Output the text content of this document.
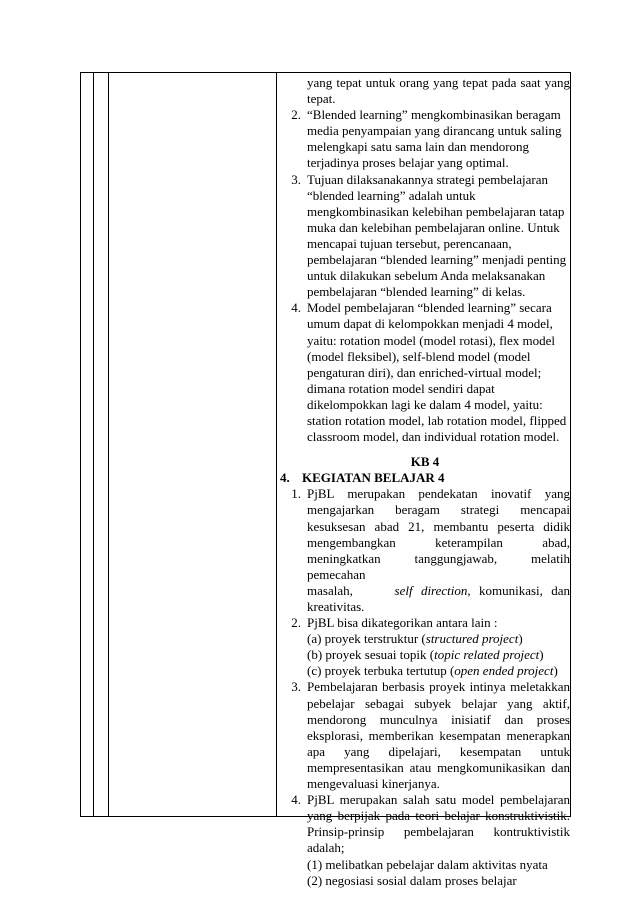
yang tepat untuk orang yang tepat pada saat yang
tepat.
2. “Blended learning” mengkombinasikan beragam
media penyampaian yang dirancang untuk saling
melengkapi satu sama lain dan mendorong
terjadinya proses belajar yang optimal.
3. Tujuan dilaksanakannya strategi pembelajaran
“blended learning” adalah untuk
mengkombinasikan kelebihan pembelajaran tatap
muka dan kelebihan pembelajaran online. Untuk
mencapai tujuan tersebut, perencanaan,
pembelajaran “blended learning” menjadi penting
untuk dilakukan sebelum Anda melaksanakan
pembelajaran “blended learning” di kelas.
4. Model pembelajaran “blended learning” secara
umum dapat di kelompokkan menjadi 4 model,
yaitu: rotation model (model rotasi), flex model
(model fleksibel), self-blend model (model
pengaturan diri), dan enriched-virtual model;
dimana rotation model sendiri dapat
dikelompokkan lagi ke dalam 4 model, yaitu:
station rotation model, lab rotation model, flipped
classroom model, dan individual rotation model.
KB 4
4. KEGIATAN BELAJAR 4
1. PjBL merupakan pendekatan inovatif yang
mengajarkan beragam strategi mencapai
kesuksesan abad 21, membantu peserta didik
mengembangkan keterampilan abad,
meningkatkan tanggungjawab, melatih pemecahan
masalah,	self direction, komunikasi, dan
kreativitas.
2. PjBL bisa dikategorikan antara lain :
(a) proyek terstruktur (structured project)
(b) proyek sesuai topik (topic related project)
(c) proyek terbuka tertutup (open ended project)
3. Pembelajaran berbasis proyek intinya meletakkan
pebelajar sebagai subyek belajar yang aktif,
mendorong munculnya inisiatif dan proses
eksplorasi, memberikan kesempatan menerapkan
apa yang dipelajari, kesempatan untuk
mempresentasikan atau mengkomunikasikan dan
mengevaluasi kinerjanya.
4. PjBL merupakan salah satu model pembelajaran
yang berpijak pada teori belajar konstruktivistik.
Prinsip-prinsip pembelajaran kontruktivistik
adalah;
(1) melibatkan pebelajar dalam aktivitas nyata
(2) negosiasi sosial dalam proses belajar
